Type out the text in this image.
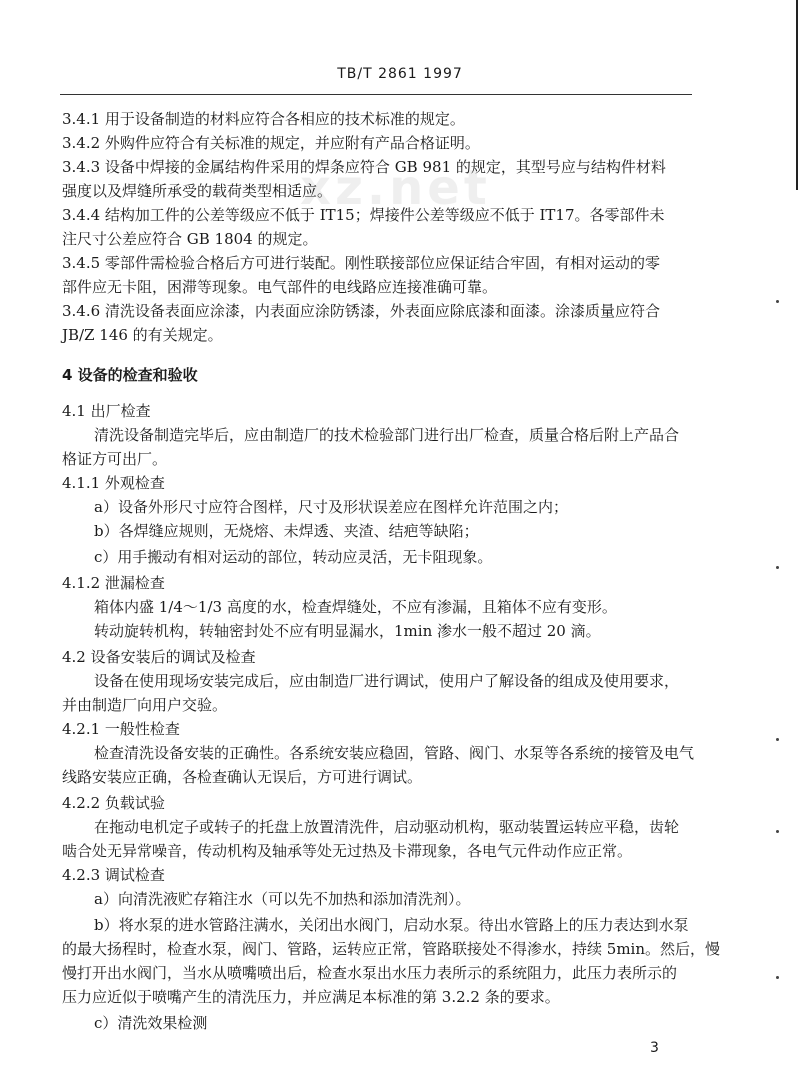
TB/T 2861 1997
xz.net
3.4.1 用于设备制造的材料应符合各相应的技术标准的规定。
3.4.2 外购件应符合有关标准的规定，并应附有产品合格证明。
3.4.3 设备中焊接的金属结构件采用的焊条应符合 GB 981 的规定，其型号应与结构件材料
强度以及焊缝所承受的载荷类型相适应。
3.4.4 结构加工件的公差等级应不低于 IT15；焊接件公差等级应不低于 IT17。各零部件未
注尺寸公差应符合 GB 1804 的规定。
3.4.5 零部件需检验合格后方可进行装配。刚性联接部位应保证结合牢固，有相对运动的零
部件应无卡阻，困滞等现象。电气部件的电线路应连接准确可靠。
3.4.6 清洗设备表面应涂漆，内表面应涂防锈漆，外表面应除底漆和面漆。涂漆质量应符合
JB/Z 146 的有关规定。
4 设备的检查和验收
4.1 出厂检查
清洗设备制造完毕后，应由制造厂的技术检验部门进行出厂检查，质量合格后附上产品合
格证方可出厂。
4.1.1 外观检查
a）设备外形尺寸应符合图样，尺寸及形状误差应在图样允许范围之内；
b）各焊缝应规则，无烧熔、未焊透、夹渣、结疤等缺陷；
c）用手搬动有相对运动的部位，转动应灵活，无卡阻现象。
4.1.2 泄漏检查
箱体内盛 1/4～1/3 高度的水，检查焊缝处，不应有渗漏，且箱体不应有变形。
转动旋转机构，转轴密封处不应有明显漏水，1min 渗水一般不超过 20 滴。
4.2 设备安装后的调试及检查
设备在使用现场安装完成后，应由制造厂进行调试，使用户了解设备的组成及使用要求，
并由制造厂向用户交验。
4.2.1 一般性检查
检查清洗设备安装的正确性。各系统安装应稳固，管路、阀门、水泵等各系统的接管及电气
线路安装应正确，各检查确认无误后，方可进行调试。
4.2.2 负载试验
在拖动电机定子或转子的托盘上放置清洗件，启动驱动机构，驱动装置运转应平稳，齿轮
啮合处无异常噪音，传动机构及轴承等处无过热及卡滞现象，各电气元件动作应正常。
4.2.3 调试检查
a）向清洗液贮存箱注水（可以先不加热和添加清洗剂）。
b）将水泵的进水管路注满水，关闭出水阀门，启动水泵。待出水管路上的压力表达到水泵
的最大扬程时，检查水泵，阀门、管路，运转应正常，管路联接处不得渗水，持续 5min。然后，慢
慢打开出水阀门，当水从喷嘴喷出后，检查水泵出水压力表所示的系统阻力，此压力表所示的
压力应近似于喷嘴产生的清洗压力，并应满足本标准的第 3.2.2 条的要求。
c）清洗效果检测
3
